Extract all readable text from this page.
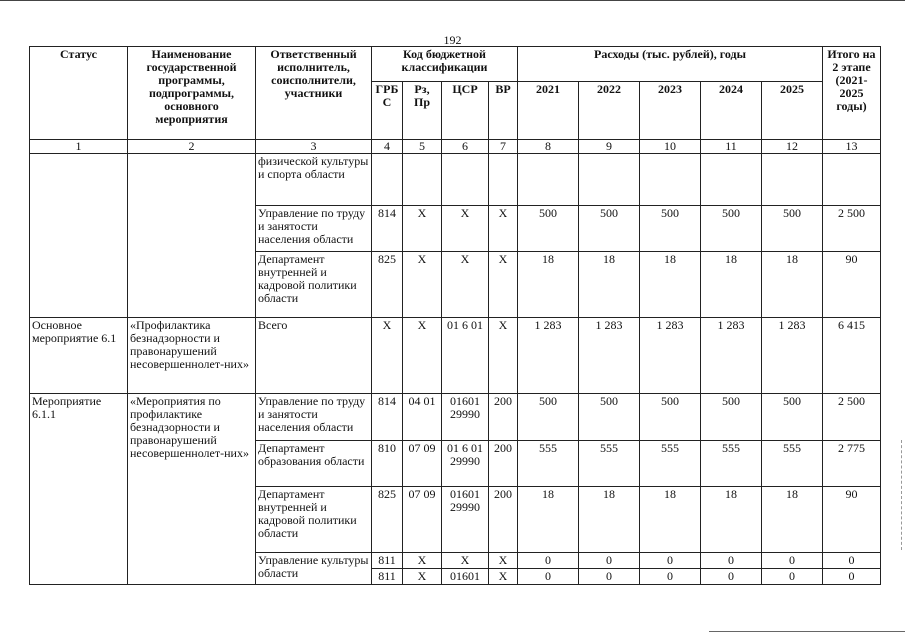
192
Статус	Наименование государственной программы, подпрограммы, основного мероприятия	Ответственный исполнитель, соисполнители, участники	Код бюджетной классификации				Расходы (тыс. рублей), годы					Итого на 2 этапе (2021-2025 годы)
			ГРБ С	Рз, Пр	ЦСР	ВР	2021	2022	2023	2024	2025	
1	2	3	4	5	6	7	8	9	10	11	12	13
		физической культуры и спорта области										
		Управление по труду и занятости населения области	814	X	X	X	500	500	500	500	500	2 500
		Департамент внутренней и кадровой политики области	825	X	X	X	18	18	18	18	18	90
Основное мероприятие 6.1	«Профилактика безнадзорности и правонарушений несовершеннолет-них»	Всего	X	X	01 6 01	X	1 283	1 283	1 283	1 283	1 283	6 415
Мероприятие 6.1.1	«Мероприятия по профилактике безнадзорности и правонарушений несовершеннолет-них»	Управление по труду и занятости населения области	814	04 01	01601 29990	200	500	500	500	500	500	2 500
		Департамент образования области	810	07 09	01 6 01 29990	200	555	555	555	555	555	2 775
		Департамент внутренней и кадровой политики области	825	07 09	01601 29990	200	18	18	18	18	18	90
		Управление культуры области	811	X	X	X	0	0	0	0	0	0
			811	X	01601	X	0	0	0	0	0	0
